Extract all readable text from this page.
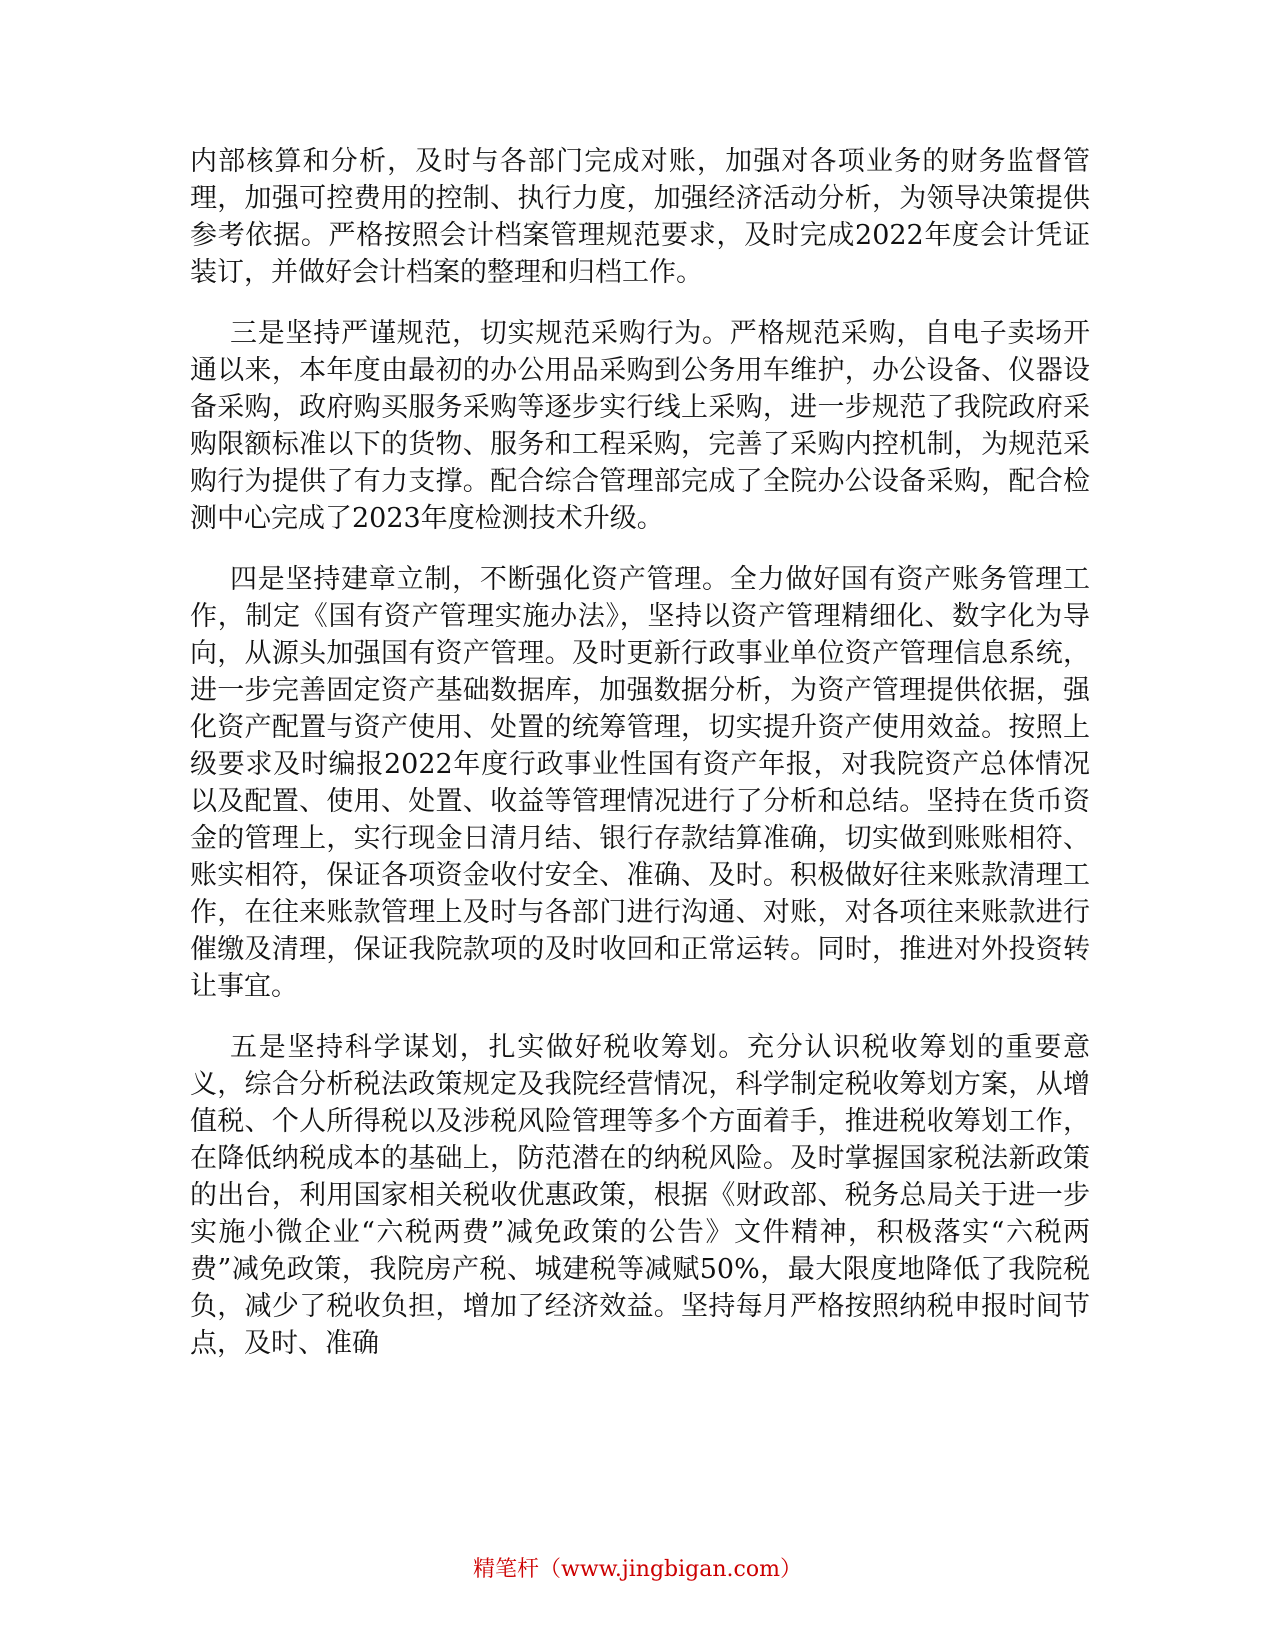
内部核算和分析，及时与各部门完成对账，加强对各项业务的财务监督管理，加强可控费用的控制、执行力度，加强经济活动分析，为领导决策提供参考依据。严格按照会计档案管理规范要求，及时完成2022年度会计凭证装订，并做好会计档案的整理和归档工作。

三是坚持严谨规范，切实规范采购行为。严格规范采购，自电子卖场开通以来，本年度由最初的办公用品采购到公务用车维护，办公设备、仪器设备采购，政府购买服务采购等逐步实行线上采购，进一步规范了我院政府采购限额标准以下的货物、服务和工程采购，完善了采购内控机制，为规范采购行为提供了有力支撑。配合综合管理部完成了全院办公设备采购，配合检测中心完成了2023年度检测技术升级。

四是坚持建章立制，不断强化资产管理。全力做好国有资产账务管理工作，制定《国有资产管理实施办法》，坚持以资产管理精细化、数字化为导向，从源头加强国有资产管理。及时更新行政事业单位资产管理信息系统，进一步完善固定资产基础数据库，加强数据分析，为资产管理提供依据，强化资产配置与资产使用、处置的统筹管理，切实提升资产使用效益。按照上级要求及时编报2022年度行政事业性国有资产年报，对我院资产总体情况以及配置、使用、处置、收益等管理情况进行了分析和总结。坚持在货币资金的管理上，实行现金日清月结、银行存款结算准确，切实做到账账相符、账实相符，保证各项资金收付安全、准确、及时。积极做好往来账款清理工作，在往来账款管理上及时与各部门进行沟通、对账，对各项往来账款进行催缴及清理，保证我院款项的及时收回和正常运转。同时，推进对外投资转让事宜。

五是坚持科学谋划，扎实做好税收筹划。充分认识税收筹划的重要意义，综合分析税法政策规定及我院经营情况，科学制定税收筹划方案，从增值税、个人所得税以及涉税风险管理等多个方面着手，推进税收筹划工作，在降低纳税成本的基础上，防范潜在的纳税风险。及时掌握国家税法新政策的出台，利用国家相关税收优惠政策，根据《财政部、税务总局关于进一步实施小微企业“六税两费”减免政策的公告》文件精神，积极落实“六税两费”减免政策，我院房产税、城建税等减赋50%，最大限度地降低了我院税负，减少了税收负担，增加了经济效益。坚持每月严格按照纳税申报时间节点，及时、准确

精笔杆（www.jingbigan.com）
